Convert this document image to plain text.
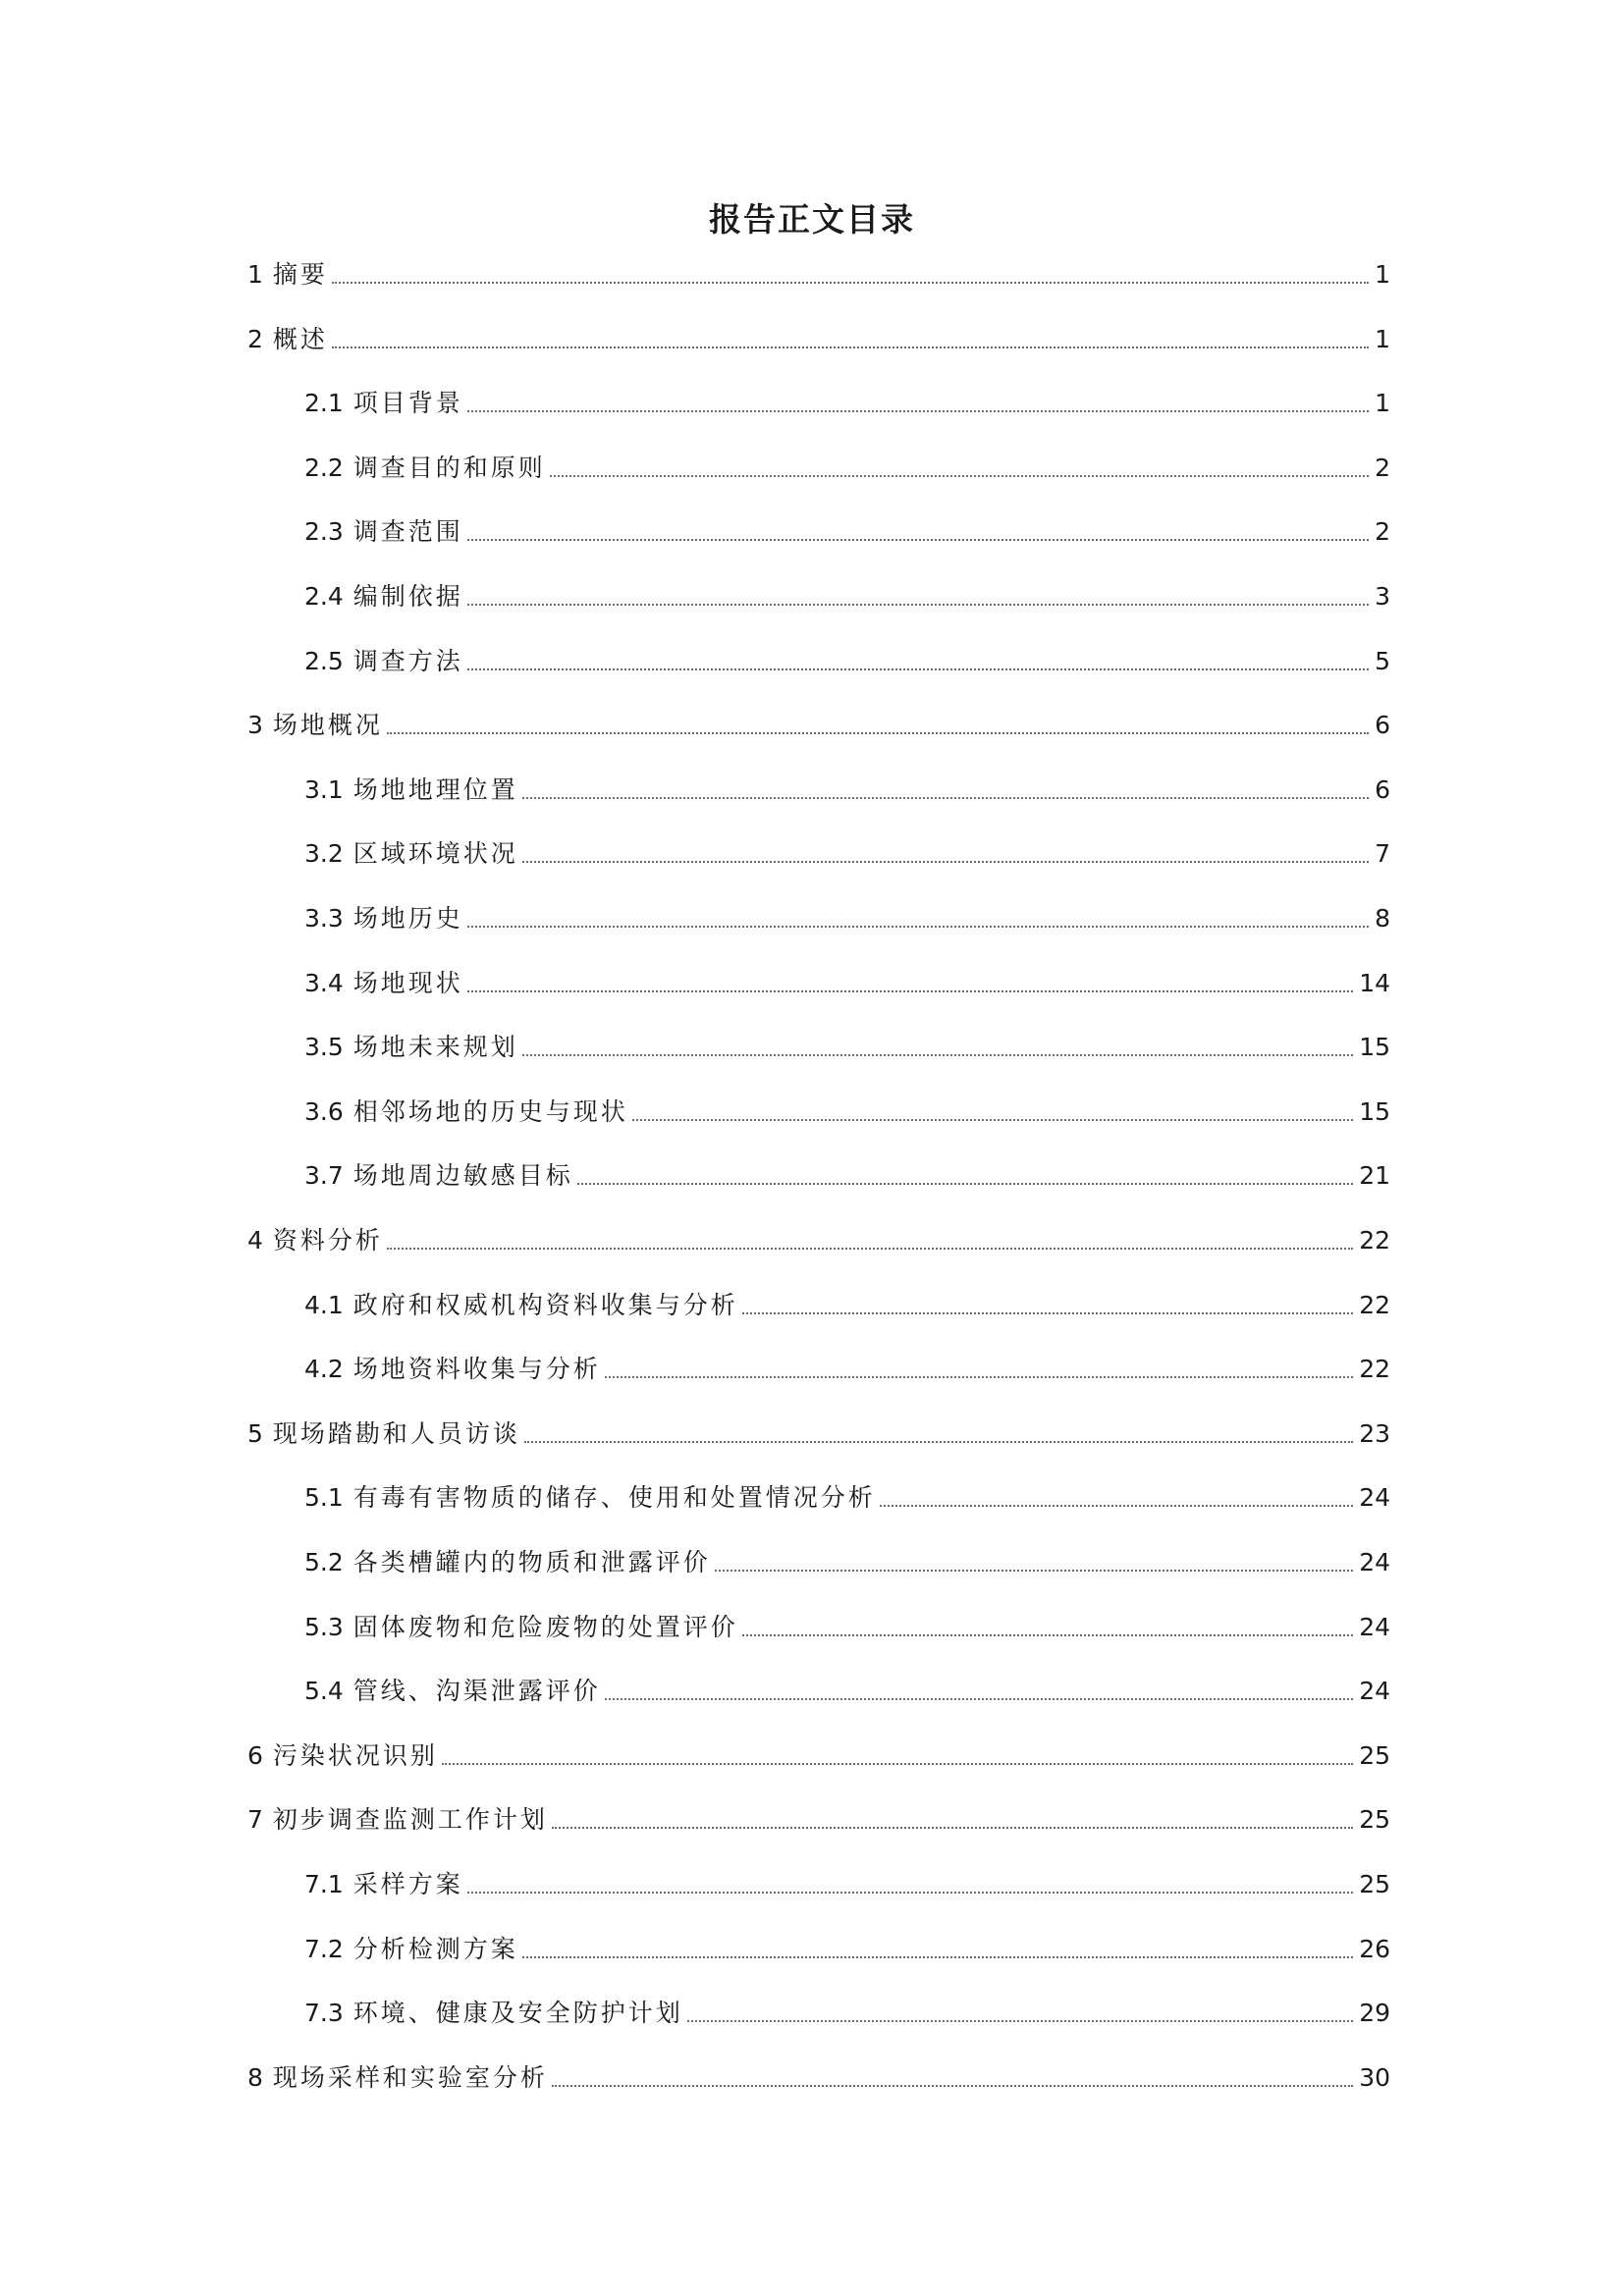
报告正文目录
1 摘要	1
2 概述	1
2.1 项目背景	1
2.2 调查目的和原则	2
2.3 调查范围	2
2.4 编制依据	3
2.5 调查方法	5
3 场地概况	6
3.1 场地地理位置	6
3.2 区域环境状况	7
3.3 场地历史	8
3.4 场地现状	14
3.5 场地未来规划	15
3.6 相邻场地的历史与现状	15
3.7 场地周边敏感目标	21
4 资料分析	22
4.1 政府和权威机构资料收集与分析	22
4.2 场地资料收集与分析	22
5 现场踏勘和人员访谈	23
5.1 有毒有害物质的储存、使用和处置情况分析	24
5.2 各类槽罐内的物质和泄露评价	24
5.3 固体废物和危险废物的处置评价	24
5.4 管线、沟渠泄露评价	24
6 污染状况识别	25
7 初步调查监测工作计划	25
7.1 采样方案	25
7.2 分析检测方案	26
7.3 环境、健康及安全防护计划	29
8 现场采样和实验室分析	30
